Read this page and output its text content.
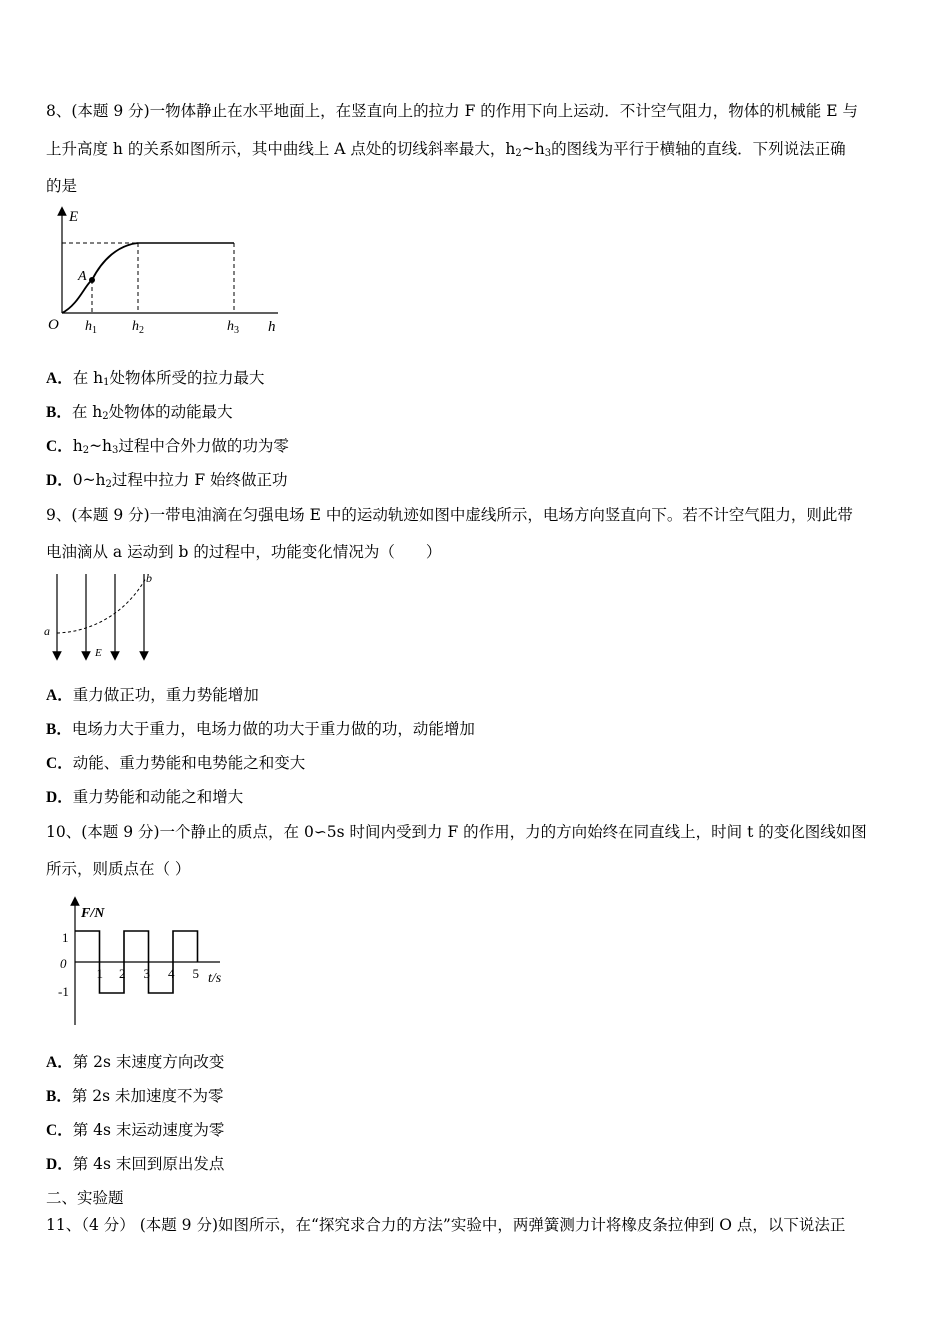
8、(本题 9 分)一物体静止在水平地面上，在竖直向上的拉力 F 的作用下向上运动．不计空气阻力，物体的机械能 E 与
上升高度 h 的关系如图所示，其中曲线上 A 点处的切线斜率最大，$h_2\sim h_3$的图线为平行于横轴的直线．下列说法正确
的是
E
A
O $h_1$	$h_2$	$h_3$ h
A．在 $h_1$处物体所受的拉力最大
B．在 $h_2$处物体的动能最大
C．$h_2\sim h_3$过程中合外力做的功为零
D．$0\sim h_2$过程中拉力 F 始终做正功
9、(本题 9 分)一带电油滴在匀强电场 E 中的运动轨迹如图中虚线所示，电场方向竖直向下。若不计空气阻力，则此带
电油滴从 a 运动到 b 的过程中，功能变化情况为（　　）
a
b
E
A．重力做正功，重力势能增加
B．电场力大于重力，电场力做的功大于重力做的功，动能增加
C．动能、重力势能和电势能之和变大
D．重力势能和动能之和增大
10、(本题 9 分)一个静止的质点，在 0∽5s 时间内受到力 F 的作用，力的方向始终在同直线上，时间 t 的变化图线如图
所示，则质点在（ ）
1 2 3 4 5
F/N
0
1
-1
t/s
A．第 2s 末速度方向改变
B．第 2s 未加速度不为零
C．第 4s 末运动速度为零
D．第 4s 末回到原出发点
二、实验题
11、（4 分） (本题 9 分)如图所示，在“探究求合力的方法”实验中，两弹簧测力计将橡皮条拉伸到 O 点，以下说法正
